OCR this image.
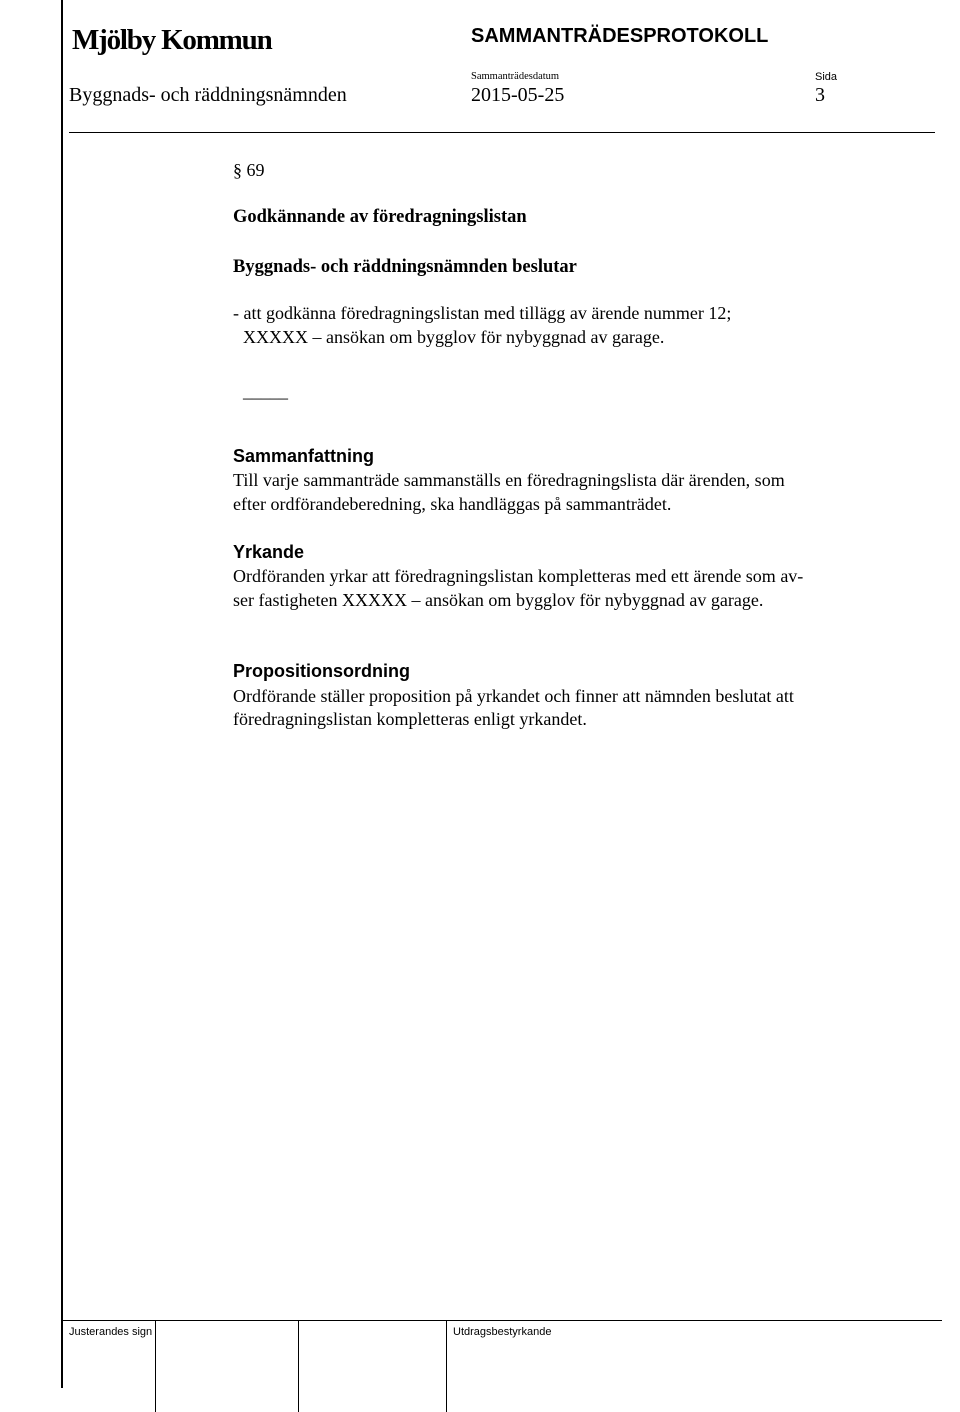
Mjölby Kommun	SAMMANTRÄDESPROTOKOLL
Sammanträdesdatum	Sida
Byggnads- och räddningsnämnden	2015-05-25	3
§ 69
Godkännande av föredragningslistan
Byggnads- och räddningsnämnden beslutar
- att godkänna föredragningslistan med tillägg av ärende nummer 12;
XXXXX – ansökan om bygglov för nybyggnad av garage.
_____
Sammanfattning
Till varje sammanträde sammanställs en föredragningslista där ärenden, som
efter ordförandeberedning, ska handläggas på sammanträdet.
Yrkande
Ordföranden yrkar att föredragningslistan kompletteras med ett ärende som av-
ser fastigheten XXXXX – ansökan om bygglov för nybyggnad av garage.
Propositionsordning
Ordförande ställer proposition på yrkandet och finner att nämnden beslutat att
föredragningslistan kompletteras enligt yrkandet.
Justerandes sign	Utdragsbestyrkande
